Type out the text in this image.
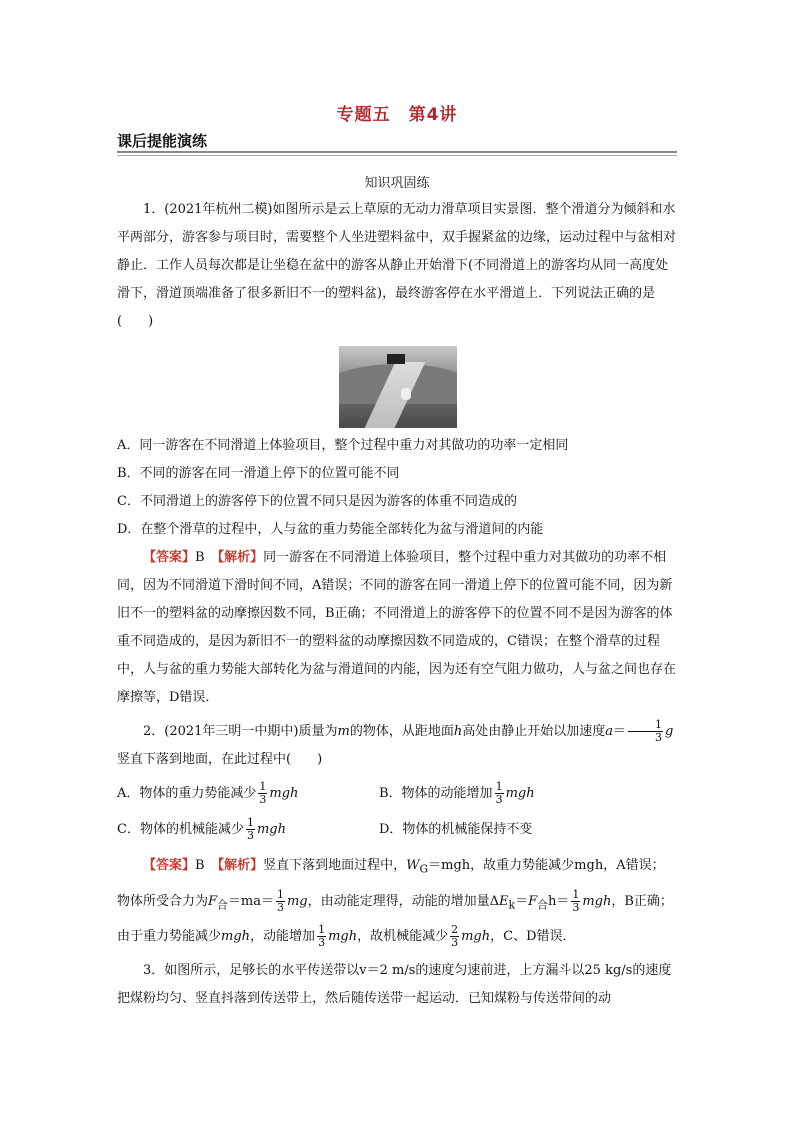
专题五　第4讲
课后提能演练
知识巩固练

1．(2021年杭州二模)如图所示是云上草原的无动力滑草项目实景图．整个滑道分为倾斜和水平两部分，游客参与项目时，需要整个人坐进塑料盆中，双手握紧盆的边缘，运动过程中与盆相对静止．工作人员每次都是让坐稳在盆中的游客从静止开始滑下(不同滑道上的游客均从同一高度处滑下，滑道顶端准备了很多新旧不一的塑料盆)，最终游客停在水平滑道上．下列说法正确的是(　　)

A．同一游客在不同滑道上体验项目，整个过程中重力对其做功的功率一定相同

B．不同的游客在同一滑道上停下的位置可能不同

C．不同滑道上的游客停下的位置不同只是因为游客的体重不同造成的

D．在整个滑草的过程中，人与盆的重力势能全部转化为盆与滑道间的内能

【答案】B　 【解析】同一游客在不同滑道上体验项目，整个过程中重力对其做功的功率不相同，因为不同滑道下滑时间不同，A错误；不同的游客在同一滑道上停下的位置可能不同，因为新旧不一的塑料盆的动摩擦因数不同，B正确；不同滑道上的游客停下的位置不同不是因为游客的体重不同造成的，是因为新旧不一的塑料盆的动摩擦因数不同造成的，C错误；在整个滑草的过程中，人与盆的重力势能大部转化为盆与滑道间的内能，因为还有空气阻力做功，人与盆之间也存在摩擦等，D错误．

2．(2021年三明一中期中)质量为m的物体，从距地面h高处由静止开始以加速度$a= \frac{1}{3}$ g
竖直下落到地面，在此过程中(　　)

A．物体的重力势能减少 $\frac{1}{3}$ mgh	B．物体的动能增加 $\frac{1}{3}$ mgh
C．物体的机械能减少 $\frac{1}{3}$ mgh	D．物体的机械能保持不变

【答案】B　 【解析】竖直下落到地面过程中，$W_G=mgh$，故重力势能减少mgh，A错误；

物体所受合力为$F_合=ma= \frac{1}{3}$ mg，由动能定理得，动能的增加量$\Delta E_k=F_合h= \frac{1}{3}$ mgh，B正确；

由于重力势能减少mgh，动能增加 $\frac{1}{3}$ mgh，故机械能减少 $\frac{2}{3}$ mgh，C、D错误．

3．如图所示，足够长的水平传送带以v＝2 m/s的速度匀速前进，上方漏斗以25 kg/s的速度把煤粉均匀、竖直抖落到传送带上，然后随传送带一起运动．已知煤粉与传送带间的动
